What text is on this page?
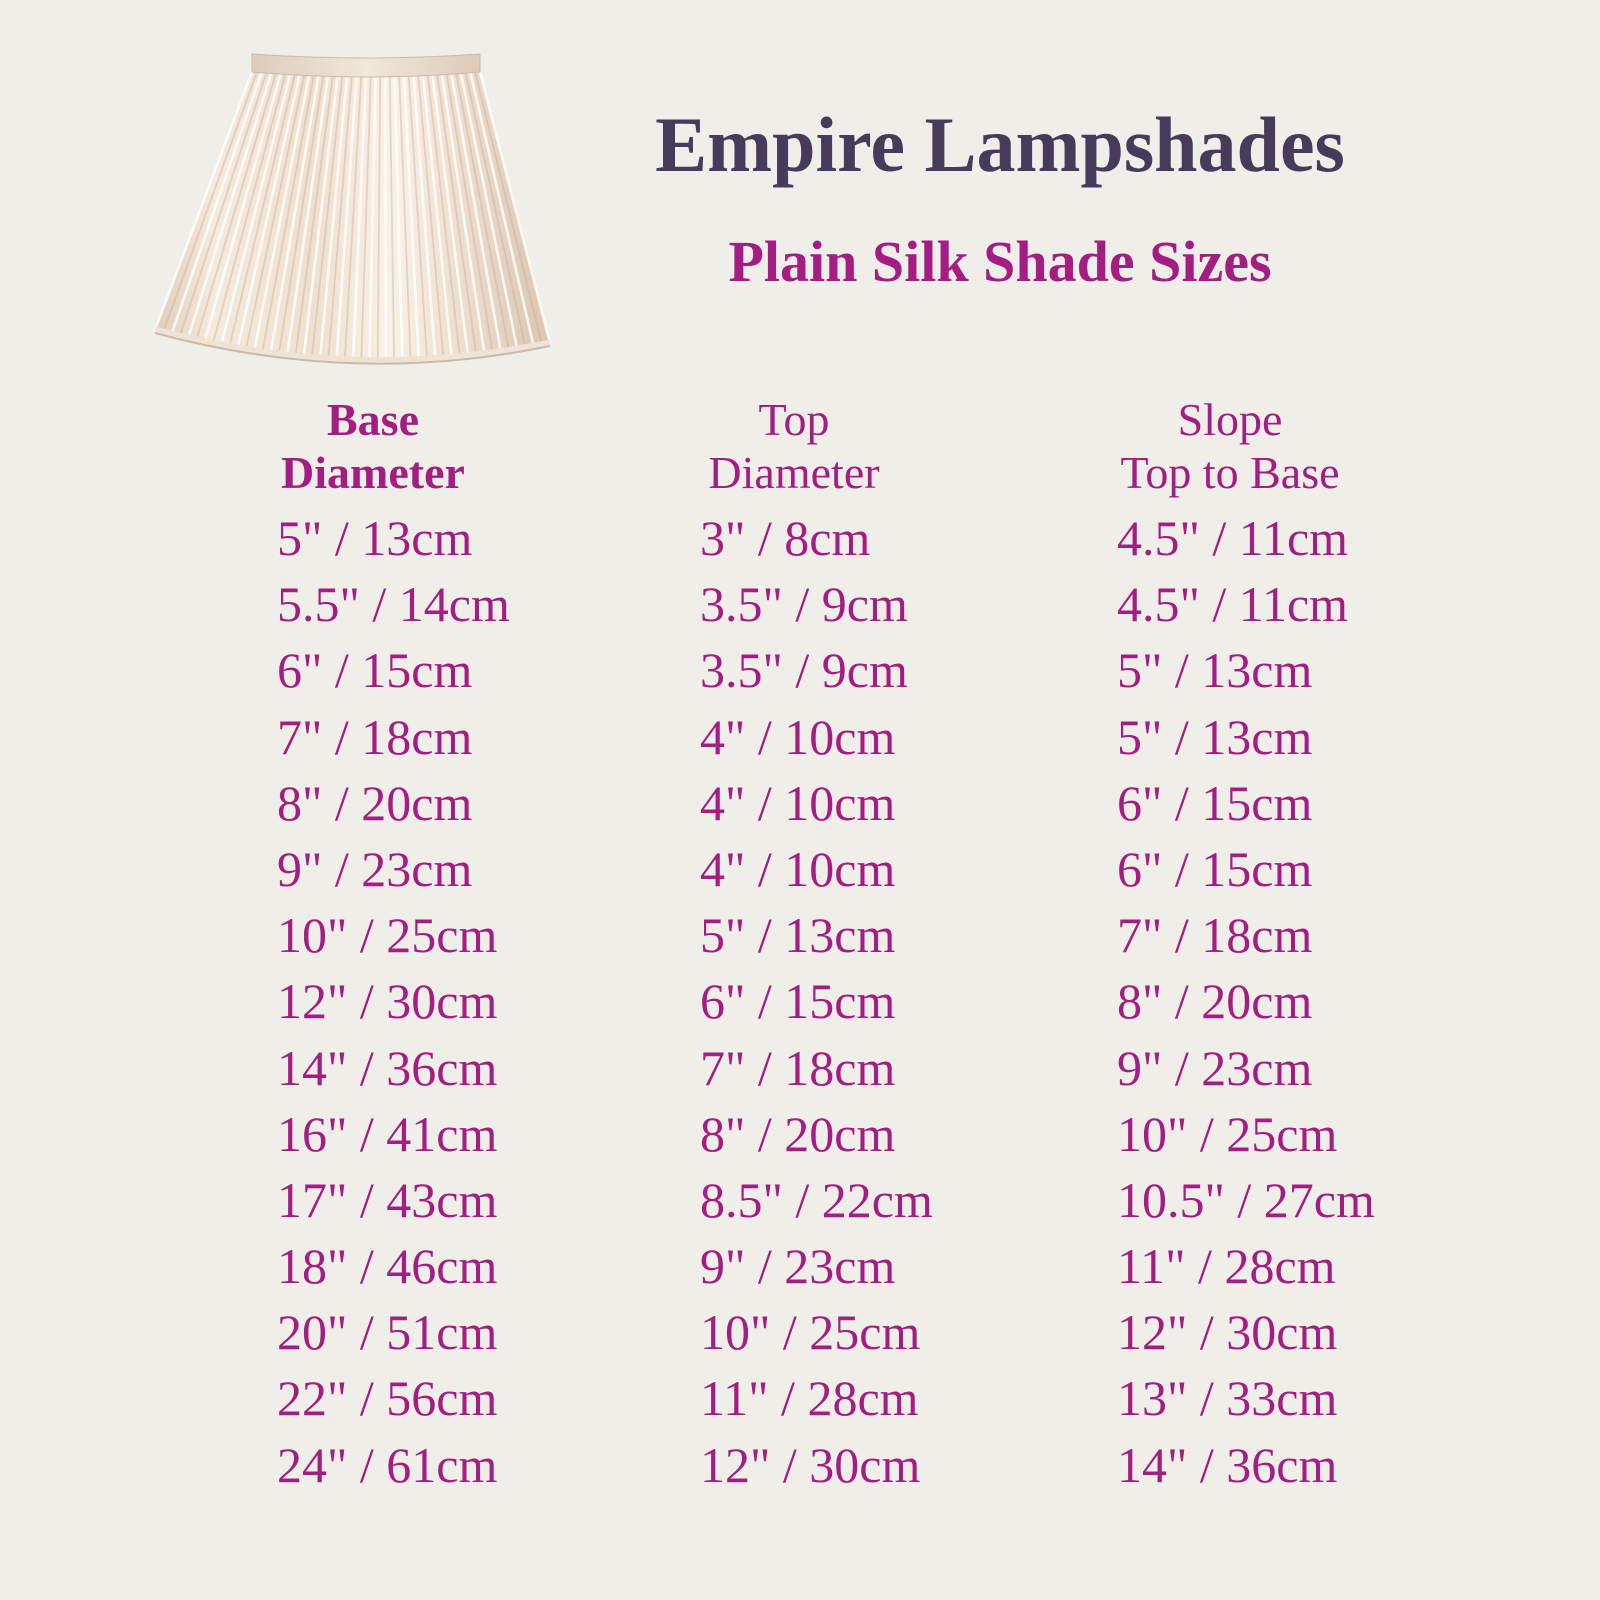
Empire Lampshades
Plain Silk Shade Sizes
Base
Diameter
Top
Diameter
Slope
Top to Base
5" / 13cm
5.5" / 14cm
6" / 15cm
7" / 18cm
8" / 20cm
9" / 23cm
10" / 25cm
12" / 30cm
14" / 36cm
16" / 41cm
17" / 43cm
18" / 46cm
20" / 51cm
22" / 56cm
24" / 61cm
3" / 8cm
3.5" / 9cm
3.5" / 9cm
4" / 10cm
4" / 10cm
4" / 10cm
5" / 13cm
6" / 15cm
7" / 18cm
8" / 20cm
8.5" / 22cm
9" / 23cm
10" / 25cm
11" / 28cm
12" / 30cm
4.5" / 11cm
4.5" / 11cm
5" / 13cm
5" / 13cm
6" / 15cm
6" / 15cm
7" / 18cm
8" / 20cm
9" / 23cm
10" / 25cm
10.5" / 27cm
11" / 28cm
12" / 30cm
13" / 33cm
14" / 36cm
